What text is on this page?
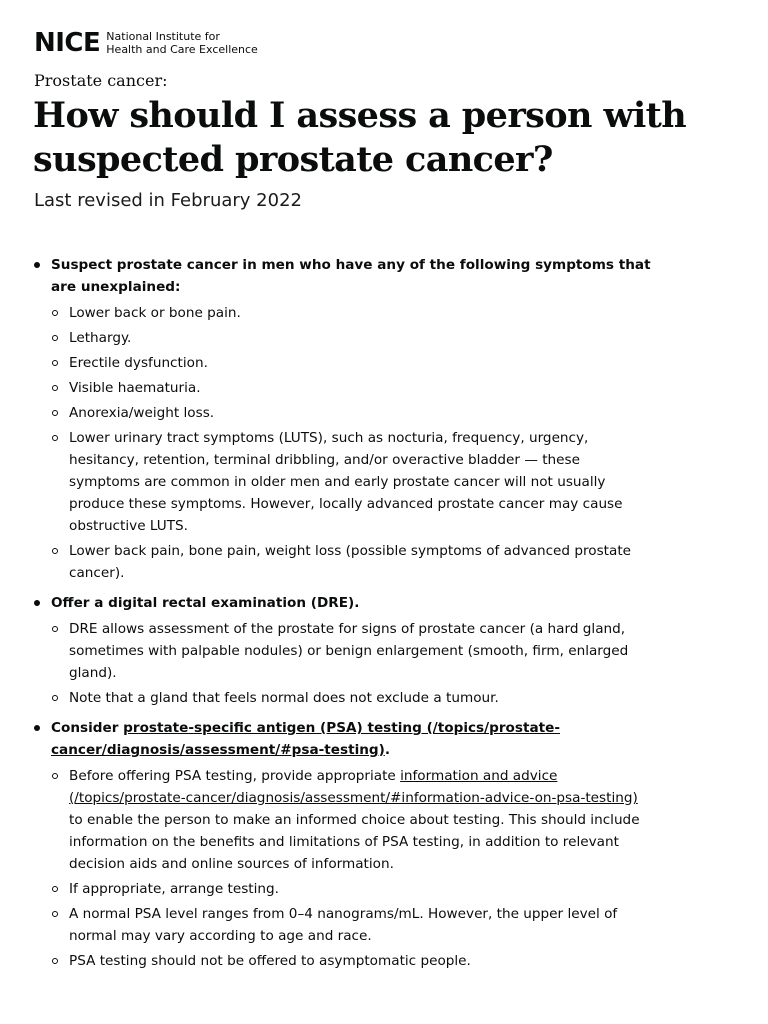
NICE National Institute for
Health and Care Excellence
Prostate cancer:
How should I assess a person with suspected prostate cancer?
Last revised in February 2022
Suspect prostate cancer in men who have any of the following symptoms that are unexplained:
Lower back or bone pain.
Lethargy.
Erectile dysfunction.
Visible haematuria.
Anorexia/weight loss.
Lower urinary tract symptoms (LUTS), such as nocturia, frequency, urgency, hesitancy, retention, terminal dribbling, and/or overactive bladder — these symptoms are common in older men and early prostate cancer will not usually produce these symptoms. However, locally advanced prostate cancer may cause obstructive LUTS.
Lower back pain, bone pain, weight loss (possible symptoms of advanced prostate cancer).
Offer a digital rectal examination (DRE).
DRE allows assessment of the prostate for signs of prostate cancer (a hard gland, sometimes with palpable nodules) or benign enlargement (smooth, firm, enlarged gland).
Note that a gland that feels normal does not exclude a tumour.
Consider prostate-specific antigen (PSA) testing (/topics/prostate-cancer/diagnosis/assessment/#psa-testing).
Before offering PSA testing, provide appropriate information and advice (/topics/prostate-cancer/diagnosis/assessment/#information-advice-on-psa-testing) to enable the person to make an informed choice about testing. This should include information on the benefits and limitations of PSA testing, in addition to relevant decision aids and online sources of information.
If appropriate, arrange testing.
A normal PSA level ranges from 0–4 nanograms/mL. However, the upper level of normal may vary according to age and race.
PSA testing should not be offered to asymptomatic people.
